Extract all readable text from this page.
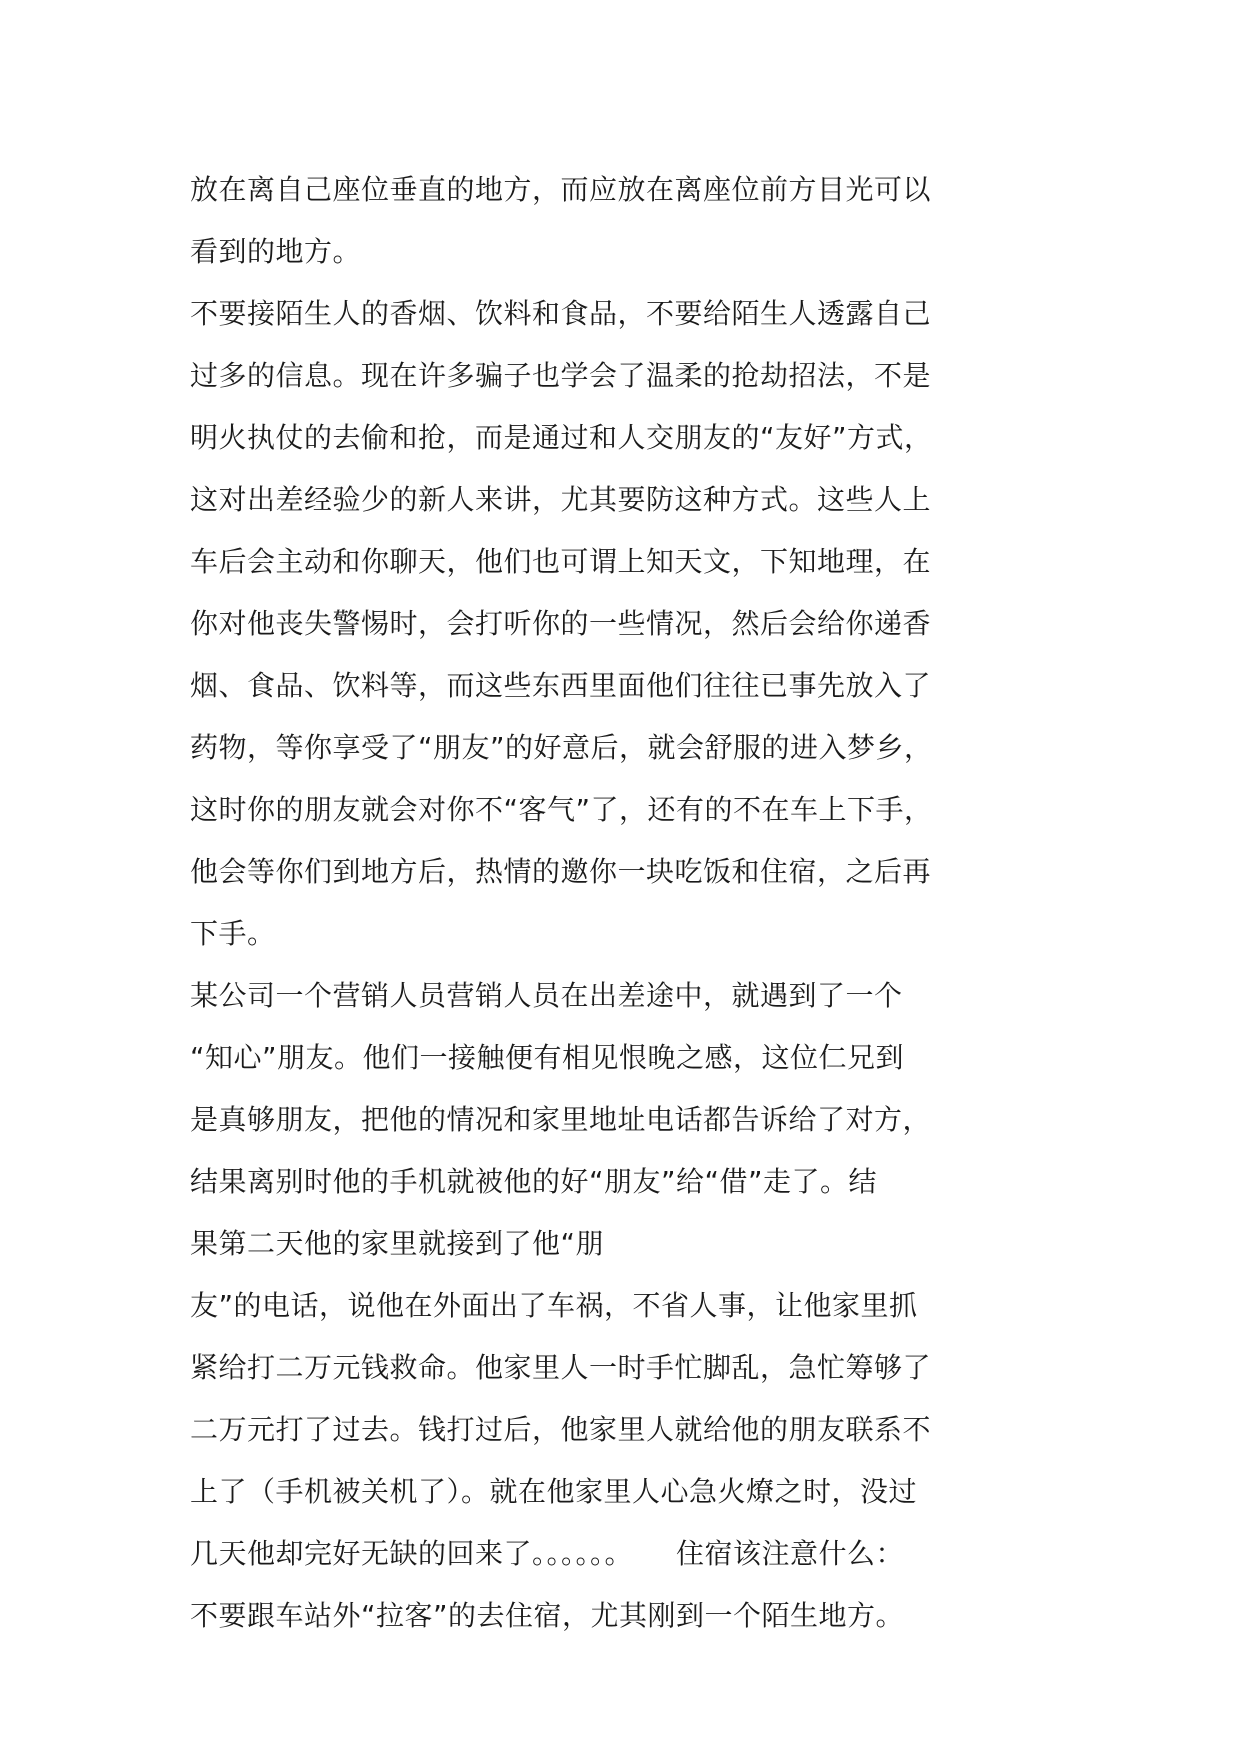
放在离自己座位垂直的地方，而应放在离座位前方目光可以
看到的地方。
不要接陌生人的香烟、饮料和食品，不要给陌生人透露自己
过多的信息。现在许多骗子也学会了温柔的抢劫招法，不是
明火执仗的去偷和抢，而是通过和人交朋友的“友好”方式，
这对出差经验少的新人来讲，尤其要防这种方式。这些人上
车后会主动和你聊天，他们也可谓上知天文，下知地理，在
你对他丧失警惕时，会打听你的一些情况，然后会给你递香
烟、食品、饮料等，而这些东西里面他们往往已事先放入了
药物，等你享受了“朋友”的好意后，就会舒服的进入梦乡，
这时你的朋友就会对你不“客气”了，还有的不在车上下手，
他会等你们到地方后，热情的邀你一块吃饭和住宿，之后再
下手。
某公司一个营销人员营销人员在出差途中，就遇到了一个
“知心”朋友。他们一接触便有相见恨晚之感，这位仁兄到
是真够朋友，把他的情况和家里地址电话都告诉给了对方，
结果离别时他的手机就被他的好“朋友”给“借”走了。结
果第二天他的家里就接到了他“朋
友”的电话，说他在外面出了车祸，不省人事，让他家里抓
紧给打二万元钱救命。他家里人一时手忙脚乱，急忙筹够了
二万元打了过去。钱打过后，他家里人就给他的朋友联系不
上了（手机被关机了）。就在他家里人心急火燎之时，没过
几天他却完好无缺的回来了。。。。。。　　住宿该注意什么：
不要跟车站外“拉客”的去住宿，尤其刚到一个陌生地方。
